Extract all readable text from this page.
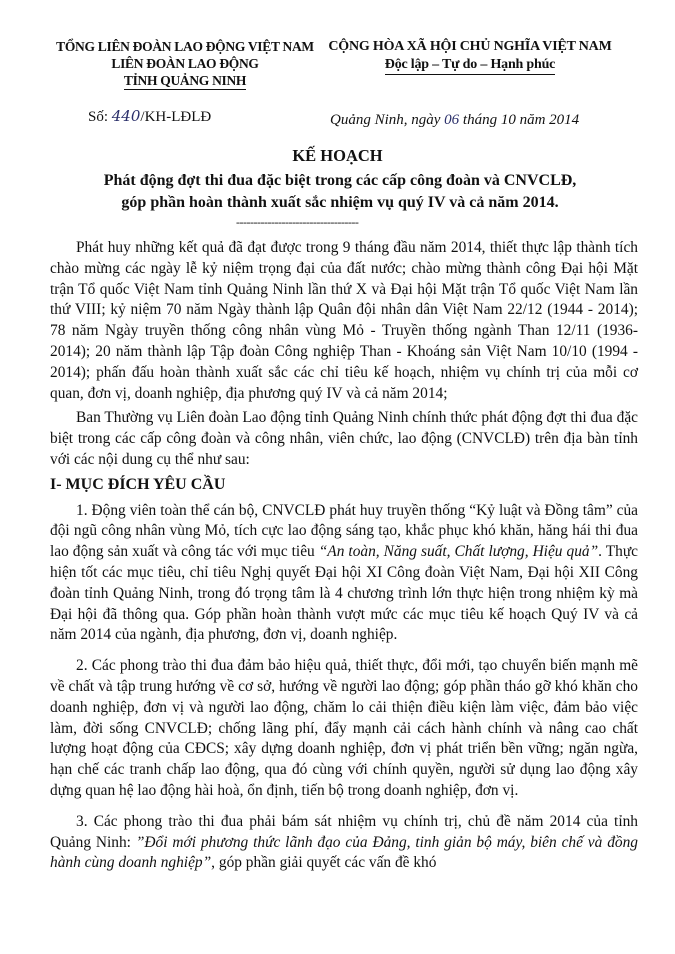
TỔNG LIÊN ĐOÀN LAO ĐỘNG VIỆT NAM
LIÊN ĐOÀN LAO ĐỘNG
TỈNH QUẢNG NINH
CỘNG HÒA XÃ HỘI CHỦ NGHĨA VIỆT NAM
Độc lập – Tự do – Hạnh phúc
Số: 440/KH-LĐLĐ	Quảng Ninh, ngày 06 tháng 10 năm 2014
KẾ HOẠCH
Phát động đợt thi đua đặc biệt trong các cấp công đoàn và CNVCLĐ,
góp phần hoàn thành xuất sắc nhiệm vụ quý IV và cả năm 2014.
-----------------------------------

Phát huy những kết quả đã đạt được trong 9 tháng đầu năm 2014, thiết thực lập thành tích chào mừng các ngày lễ kỷ niệm trọng đại của đất nước; chào mừng thành công Đại hội Mặt trận Tổ quốc Việt Nam tỉnh Quảng Ninh lần thứ X và Đại hội Mặt trận Tổ quốc Việt Nam lần thứ VIII; kỷ niệm 70 năm Ngày thành lập Quân đội nhân dân Việt Nam 22/12 (1944 - 2014); 78 năm Ngày truyền thống công nhân vùng Mỏ - Truyền thống ngành Than 12/11 (1936- 2014); 20 năm thành lập Tập đoàn Công nghiệp Than - Khoáng sản Việt Nam 10/10 (1994 - 2014); phấn đấu hoàn thành xuất sắc các chỉ tiêu kế hoạch, nhiệm vụ chính trị của mỗi cơ quan, đơn vị, doanh nghiệp, địa phương quý IV và cả năm 2014;

Ban Thường vụ Liên đoàn Lao động tỉnh Quảng Ninh chính thức phát động đợt thi đua đặc biệt trong các cấp công đoàn và công nhân, viên chức, lao động (CNVCLĐ) trên địa bàn tỉnh với các nội dung cụ thể như sau:

I- MỤC ĐÍCH YÊU CẦU

1. Động viên toàn thể cán bộ, CNVCLĐ phát huy truyền thống “Kỷ luật và Đồng tâm” của đội ngũ công nhân vùng Mỏ, tích cực lao động sáng tạo, khắc phục khó khăn, hăng hái thi đua lao động sản xuất và công tác với mục tiêu “An toàn, Năng suất, Chất lượng, Hiệu quả”. Thực hiện tốt các mục tiêu, chỉ tiêu Nghị quyết Đại hội XI Công đoàn Việt Nam, Đại hội XII Công đoàn tỉnh Quảng Ninh, trong đó trọng tâm là 4 chương trình lớn thực hiện trong nhiệm kỳ mà Đại hội đã thông qua. Góp phần hoàn thành vượt mức các mục tiêu kế hoạch Quý IV và cả năm 2014 của ngành, địa phương, đơn vị, doanh nghiệp.

2. Các phong trào thi đua đảm bảo hiệu quả, thiết thực, đổi mới, tạo chuyển biến mạnh mẽ về chất và tập trung hướng về cơ sở, hướng về người lao động; góp phần tháo gỡ khó khăn cho doanh nghiệp, đơn vị và người lao động, chăm lo cải thiện điều kiện làm việc, đảm bảo việc làm, đời sống CNVCLĐ; chống lãng phí, đẩy mạnh cải cách hành chính và nâng cao chất lượng hoạt động của CĐCS; xây dựng doanh nghiệp, đơn vị phát triển bền vững; ngăn ngừa, hạn chế các tranh chấp lao động, qua đó cùng với chính quyền, người sử dụng lao động xây dựng quan hệ lao động hài hoà, ổn định, tiến bộ trong doanh nghiệp, đơn vị.

3. Các phong trào thi đua phải bám sát nhiệm vụ chính trị, chủ đề năm 2014 của tỉnh Quảng Ninh: ”Đổi mới phương thức lãnh đạo của Đảng, tinh giản bộ máy, biên chế và đồng hành cùng doanh nghiệp”, góp phần giải quyết các vấn đề khó
